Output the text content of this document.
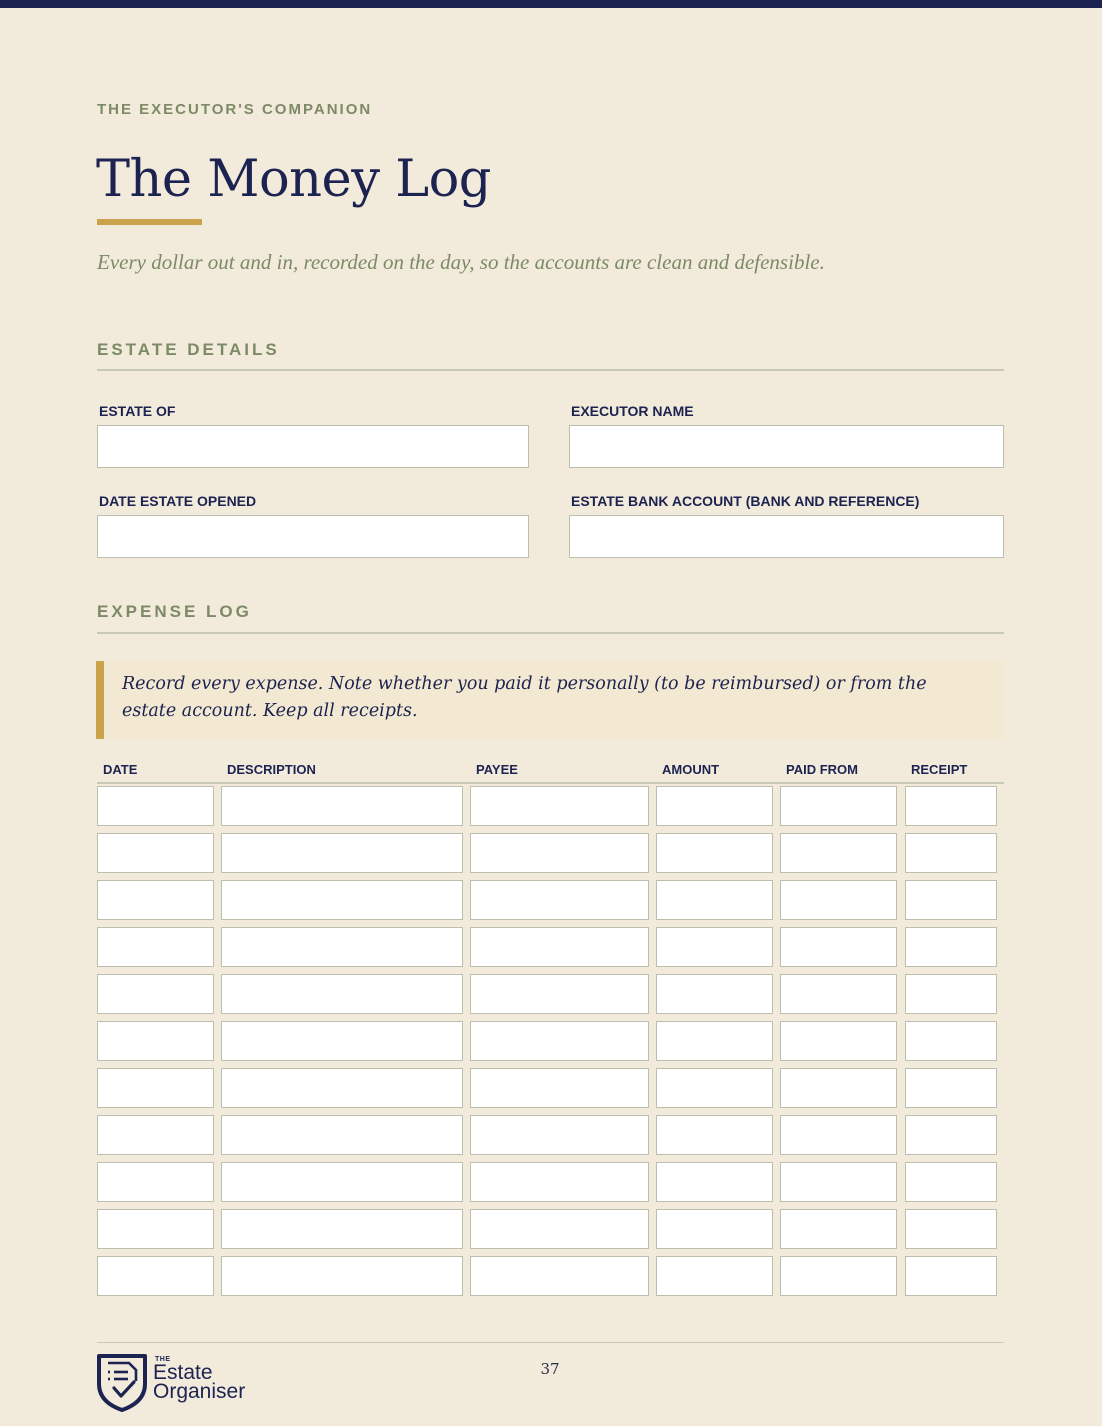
THE EXECUTOR'S COMPANION
The Money Log
Every dollar out and in, recorded on the day, so the accounts are clean and defensible.
ESTATE DETAILS
ESTATE OF	EXECUTOR NAME
DATE ESTATE OPENED	ESTATE BANK ACCOUNT (BANK AND REFERENCE)
EXPENSE LOG
Record every expense. Note whether you paid it personally (to be reimbursed) or from the estate account. Keep all receipts.
DATE	DESCRIPTION	PAYEE	AMOUNT	PAID FROM	RECEIPT
THE
Estate
Organiser
37
